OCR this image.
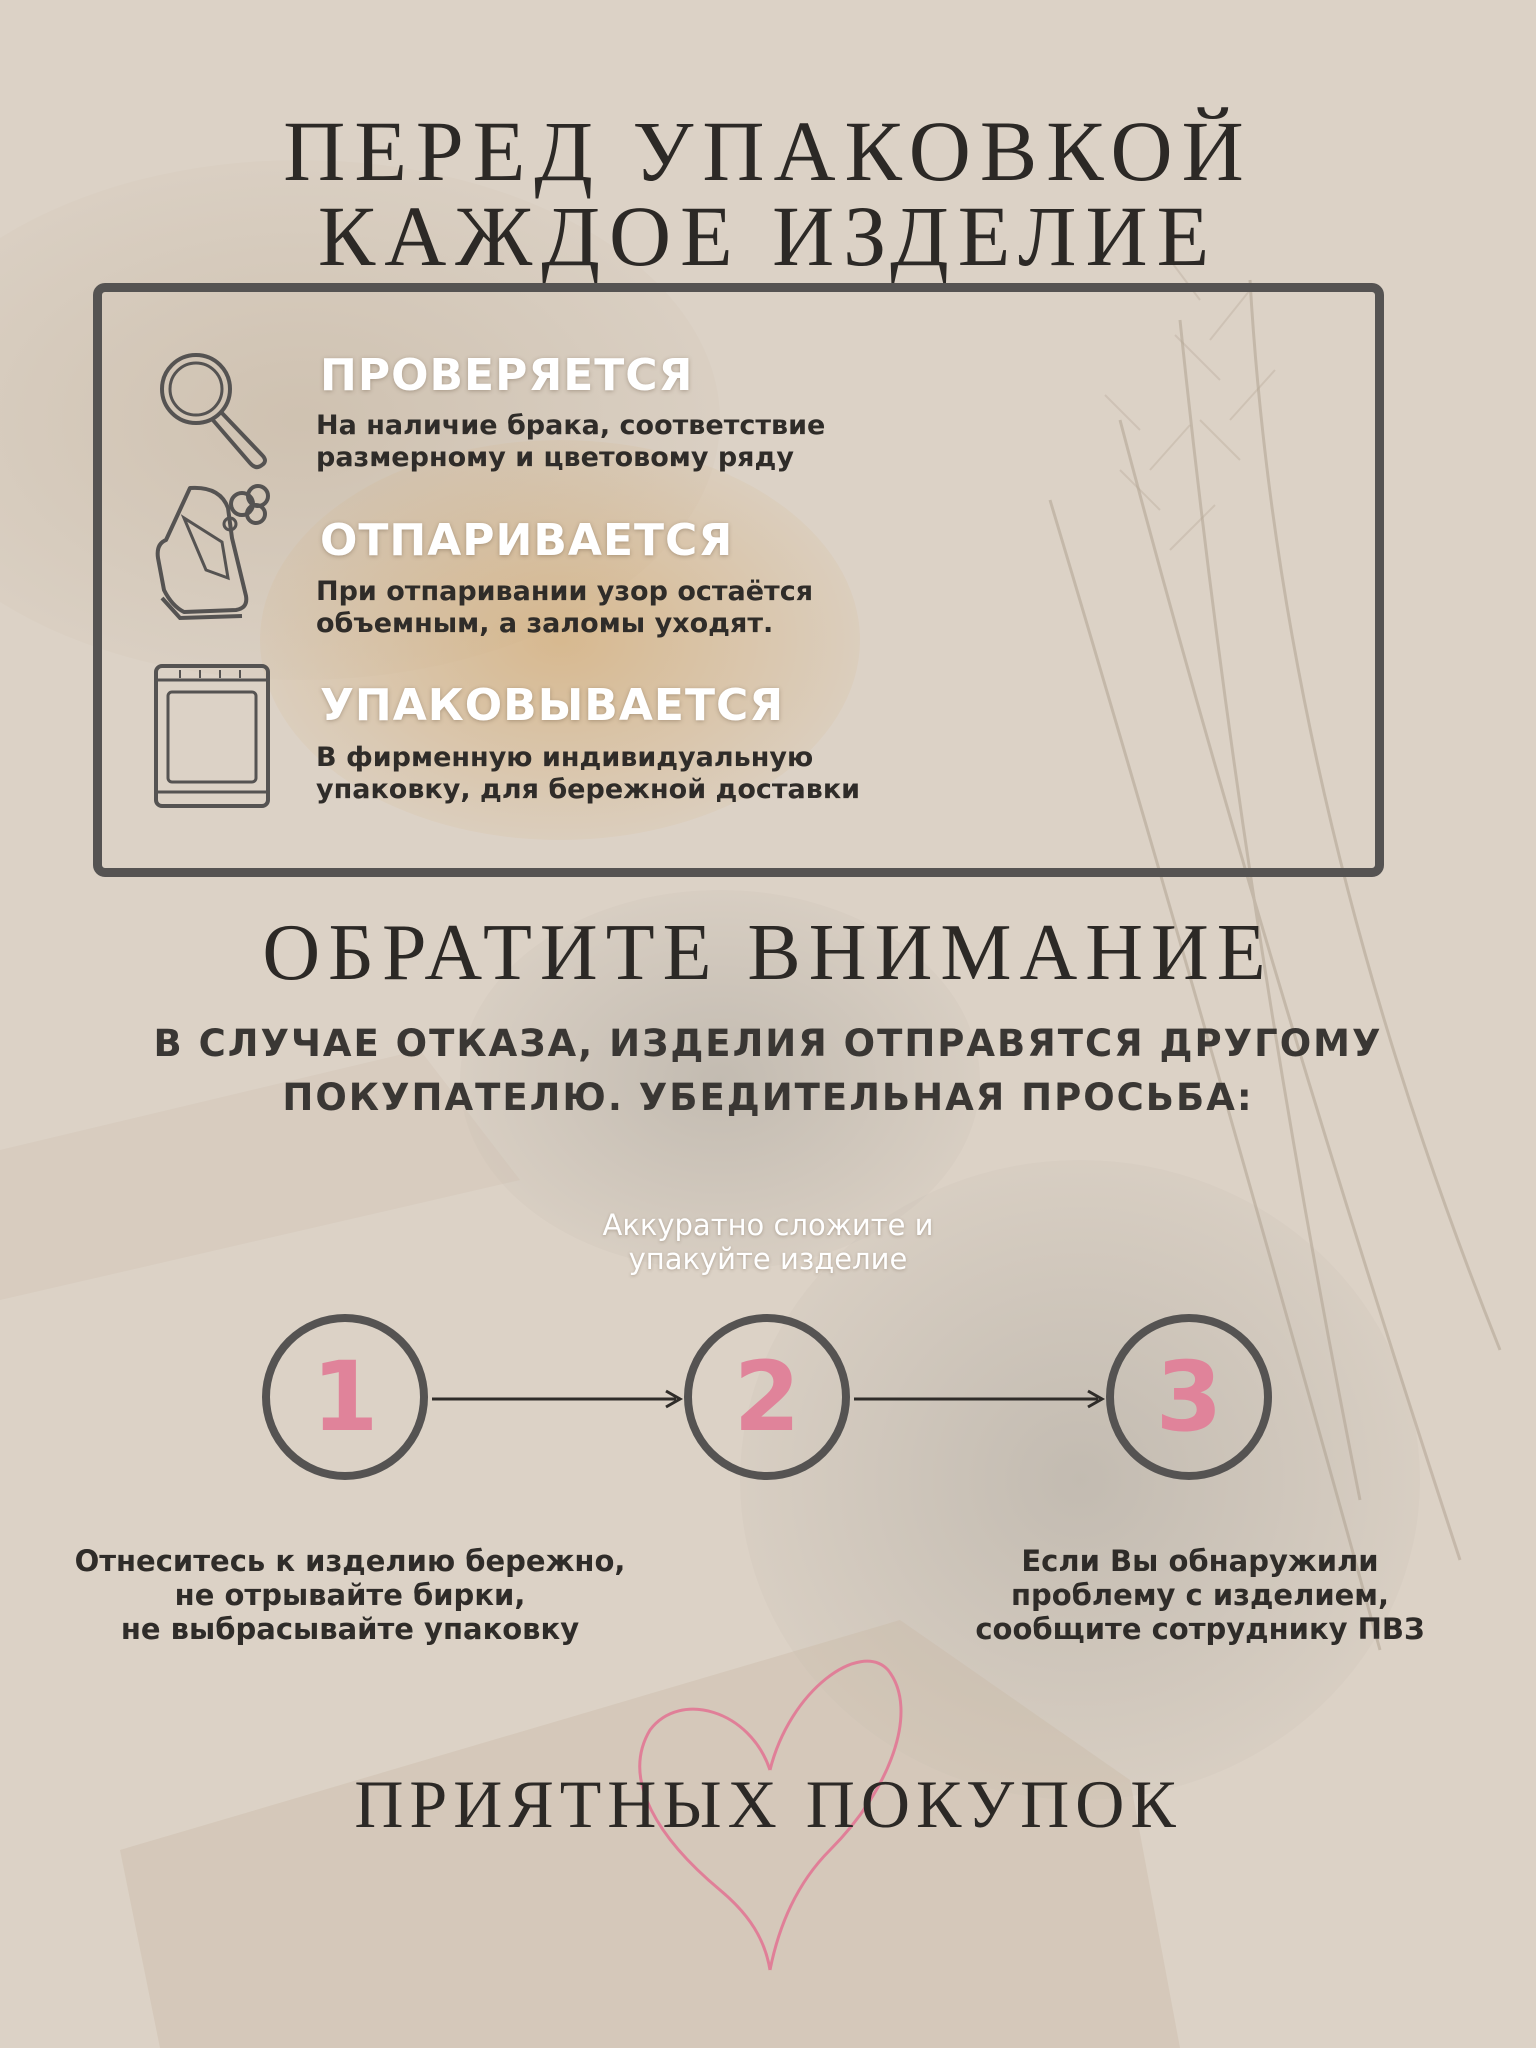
ПЕРЕД УПАКОВКОЙ
КАЖДОЕ ИЗДЕЛИЕ
ПРОВЕРЯЕТСЯ
На наличие брака, соответствие
размерному и цветовому ряду
ОТПАРИВАЕТСЯ
При отпаривании узор остаётся
объемным, а заломы уходят.
УПАКОВЫВАЕТСЯ
В фирменную индивидуальную
упаковку, для бережной доставки
ОБРАТИТЕ ВНИМАНИЕ
В СЛУЧАЕ ОТКАЗА, ИЗДЕЛИЯ ОТПРАВЯТСЯ ДРУГОМУ
ПОКУПАТЕЛЮ. УБЕДИТЕЛЬНАЯ ПРОСЬБА:
Аккуратно сложите и
упакуйте изделие
1	2	3
Отнеситесь к изделию бережно,
не отрывайте бирки,
не выбрасывайте упаковку
Если Вы обнаружили
проблему с изделием,
сообщите сотруднику ПВЗ
ПРИЯТНЫХ ПОКУПОК
